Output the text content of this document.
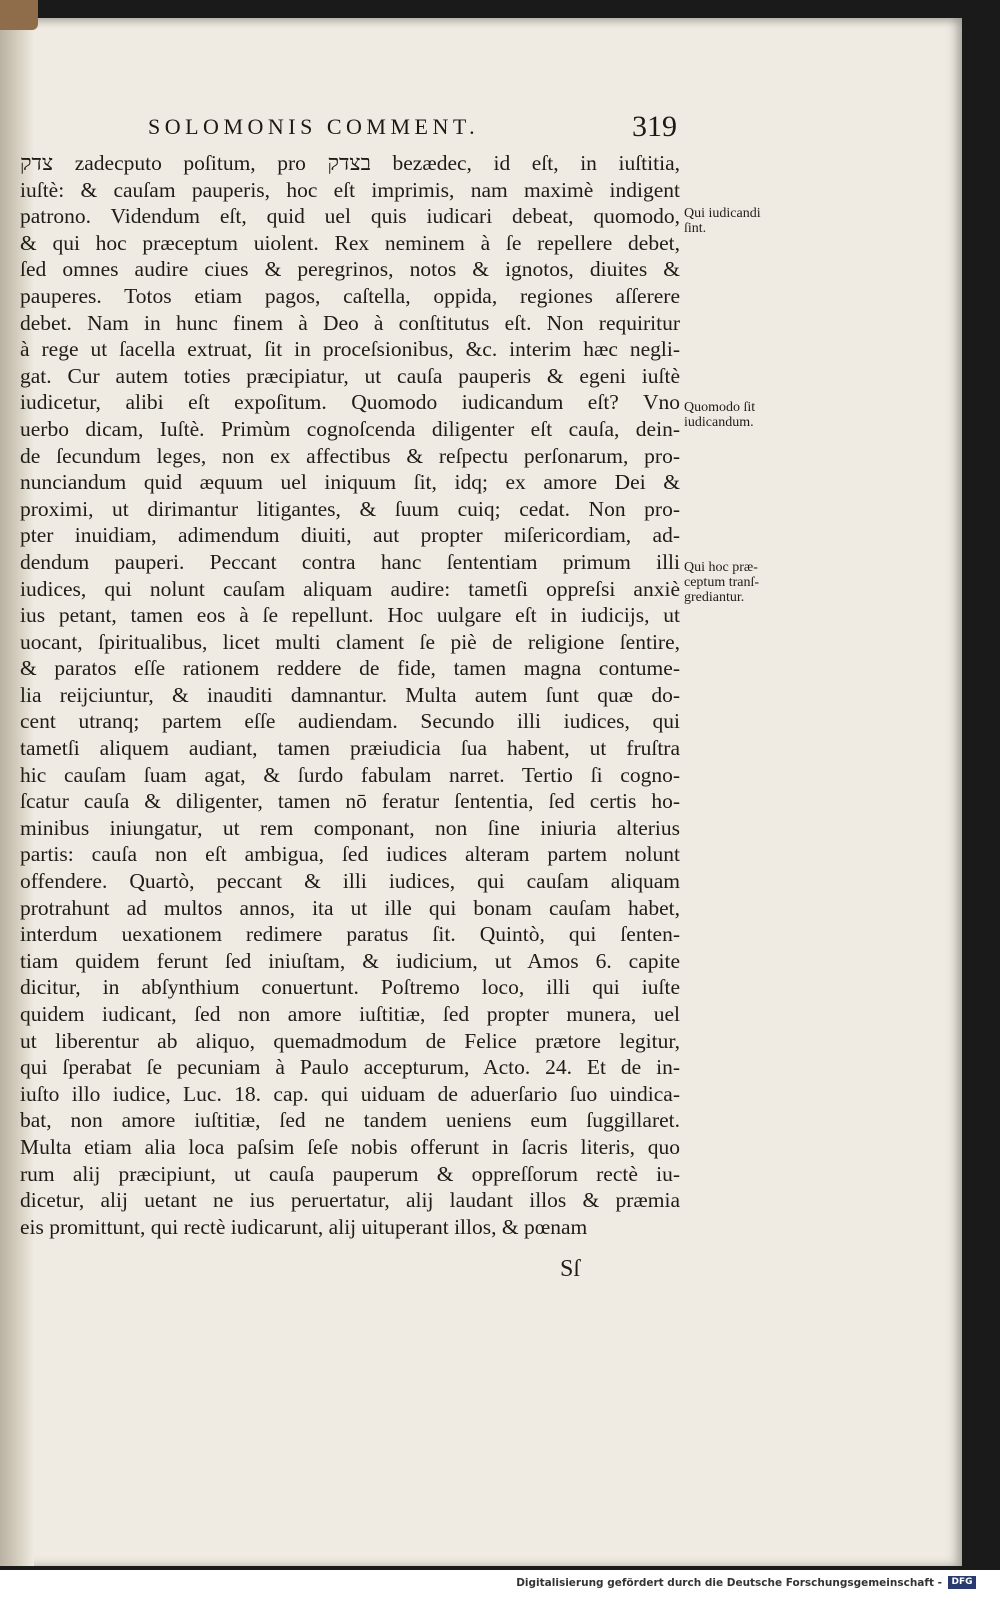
SOLOMONIS COMMENT.	319
צדק zadecputo poſitum, pro בצדק bezædec, id eſt, in iuſtitia,
iuſtè: & cauſam pauperis, hoc eſt imprimis, nam maximè indigent
patrono. Videndum eſt, quid uel quis iudicari debeat, quomodo,
& qui hoc præceptum uiolent. Rex neminem à ſe repellere debet,
ſed omnes audire ciues & peregrinos, notos & ignotos, diuites &
pauperes. Totos etiam pagos, caſtella, oppida, regiones aſſerere
debet. Nam in hunc finem à Deo à conſtitutus eſt. Non requiritur
à rege ut ſacella extruat, ſit in proceſsionibus, &c. interim hæc negli-
gat. Cur autem toties præcipiatur, ut cauſa pauperis & egeni iuſtè
iudicetur, alibi eſt expoſitum. Quomodo iudicandum eſt? Vno
uerbo dicam, Iuſtè. Primùm cognoſcenda diligenter eſt cauſa, dein-
de ſecundum leges, non ex affectibus & reſpectu perſonarum, pro-
nunciandum quid æquum uel iniquum ſit, idq; ex amore Dei &
proximi, ut dirimantur litigantes, & ſuum cuiq; cedat. Non pro-
pter inuidiam, adimendum diuiti, aut propter miſericordiam, ad-
dendum pauperi. Peccant contra hanc ſententiam primum illi
iudices, qui nolunt cauſam aliquam audire: tametſi oppreſsi anxiè
ius petant, tamen eos à ſe repellunt. Hoc uulgare eſt in iudicijs, ut
uocant, ſpiritualibus, licet multi clament ſe piè de religione ſentire,
& paratos eſſe rationem reddere de fide, tamen magna contume-
lia reijciuntur, & inauditi damnantur. Multa autem ſunt quæ do-
cent utranq; partem eſſe audiendam. Secundo illi iudices, qui
tametſi aliquem audiant, tamen præiudicia ſua habent, ut fruſtra
hic cauſam ſuam agat, & ſurdo fabulam narret. Tertio ſi cogno-
ſcatur cauſa & diligenter, tamen nō feratur ſententia, ſed certis ho-
minibus iniungatur, ut rem componant, non ſine iniuria alterius
partis: cauſa non eſt ambigua, ſed iudices alteram partem nolunt
offendere. Quartò, peccant & illi iudices, qui cauſam aliquam
protrahunt ad multos annos, ita ut ille qui bonam cauſam habet,
interdum uexationem redimere paratus ſit. Quintò, qui ſenten-
tiam quidem ferunt ſed iniuſtam, & iudicium, ut Amos 6. capite
dicitur, in abſynthium conuertunt. Poſtremo loco, illi qui iuſte
quidem iudicant, ſed non amore iuſtitiæ, ſed propter munera, uel
ut liberentur ab aliquo, quemadmodum de Felice prætore legitur,
qui ſperabat ſe pecuniam à Paulo accepturum, Acto. 24. Et de in-
iuſto illo iudice, Luc. 18. cap. qui uiduam de aduerſario ſuo uindica-
bat, non amore iuſtitiæ, ſed ne tandem ueniens eum ſuggillaret.
Multa etiam alia loca paſsim ſeſe nobis offerunt in ſacris literis, quo
rum alij præcipiunt, ut cauſa pauperum & oppreſſorum rectè iu-
dicetur, alij uetant ne ius peruertatur, alij laudant illos & præmia
eis promittunt, qui rectè iudicarunt, alij uituperant illos, & pœnam
Qui iudicandi
ſint.
Quomodo ſit
iudicandum.
Qui hoc præ-
ceptum tranſ-
grediantur.
Sſ
Digitalisierung gefördert durch die Deutsche Forschungsgemeinschaft -	DFG
